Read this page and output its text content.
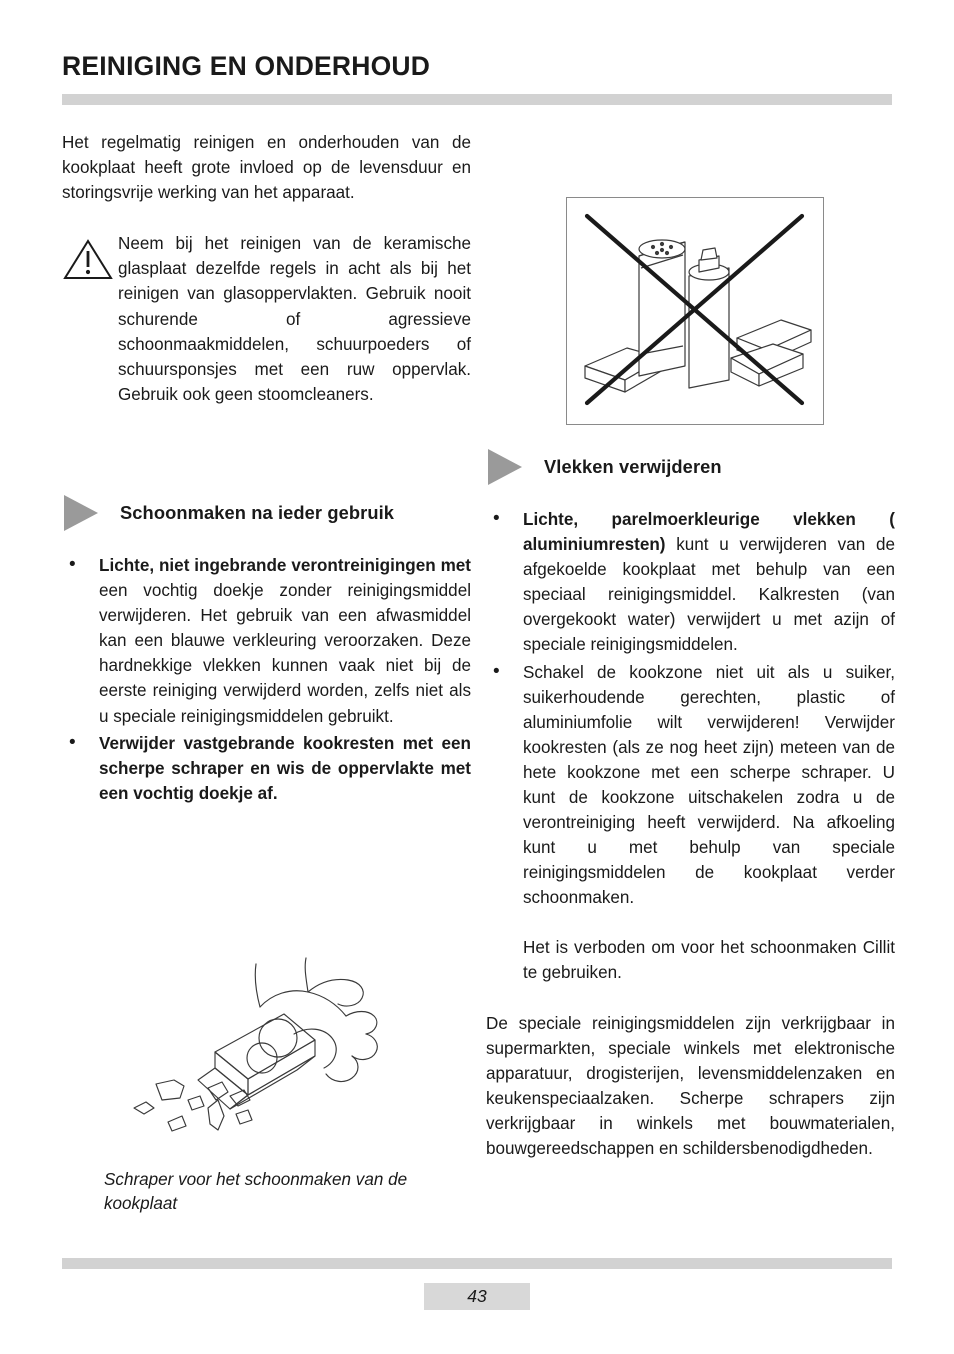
REINIGING EN ONDERHOUD

Het regelmatig reinigen en onderhouden van de kookplaat heeft grote invloed op de levensduur en storingsvrije werking van het apparaat.

Neem bij het reinigen van de keramische glasplaat dezelfde regels in acht als bij het reinigen van glasoppervlakten. Gebruik nooit schurende of agressieve schoonmaakmiddelen, schuurpoeders of schuursponsjes met een ruw oppervlak. Gebruik ook geen stoomcleaners.
Schoonmaken na ieder gebruik
• Lichte, niet ingebrande verontreinigingen met een vochtig doekje zonder reinigingsmiddel verwijderen. Het gebruik van een afwasmiddel kan een blauwe verkleuring veroorzaken. Deze hardnekkige vlekken kunnen vaak niet bij de eerste reiniging verwijderd worden, zelfs niet als u speciale reinigingsmiddelen gebruikt.
• Verwijder vastgebrande kookresten met een scherpe schraper en wis de oppervlakte met een vochtig doekje af.
Schraper voor het schoonmaken van de kookplaat
Vlekken verwijderen
• Lichte, parelmoerkleurige vlekken ( aluminiumresten) kunt u verwijderen van de afgekoelde kookplaat met behulp van een speciaal reinigingsmiddel. Kalkresten (van overgekookt water) verwijdert u met azijn of speciale reinigingsmiddelen.
• Schakel de kookzone niet uit als u suiker, suikerhoudende gerechten, plastic of aluminiumfolie wilt verwijderen! Verwijder kookresten (als ze nog heet zijn) meteen van de hete kookzone met een scherpe schraper. U kunt de kookzone uitschakelen zodra u de verontreiniging heeft verwijderd. Na afkoeling kunt u met behulp van speciale reinigingsmiddelen de kookplaat verder schoonmaken.
Het is verboden om voor het schoonmaken Cillit te gebruiken.

De speciale reinigingsmiddelen zijn verkrijgbaar in supermarkten, speciale winkels met elektronische apparatuur, drogisterijen, levensmiddelenzaken en keukenspeciaalzaken. Scherpe schrapers zijn verkrijgbaar in winkels met bouwmaterialen, bouwgereedschappen en schildersbenodigdheden.

43
